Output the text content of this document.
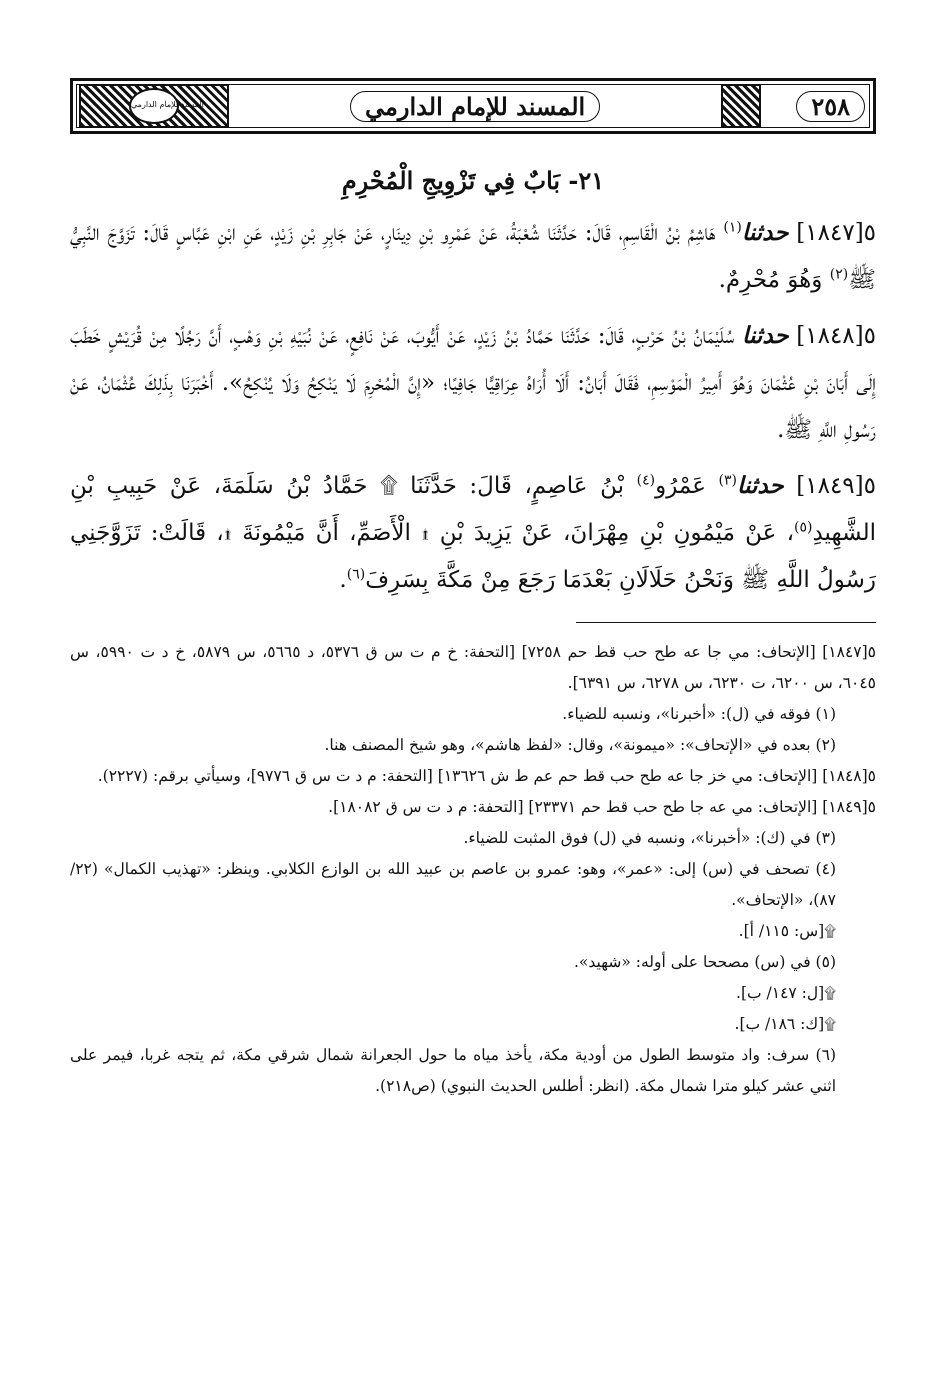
المسند للإمام الدارمي	المسند للإمام الدارمي	٢٥٨
٢١- بَابٌ فِي تَزْوِيجِ الْمُحْرِمِ

٥[١٨٤٧] حدثنا$^{(١)}$ هَاشِمُ بْنُ الْقَاسِمِ، قَالَ: حَدَّثَنَا شُعْبَةُ، عَنْ عَمْرِو بْنِ دِينَارٍ، عَنْ جَابِرِ بْنِ زَيْدٍ، عَنِ ابْنِ عَبَّاسٍ قَالَ: تَزَوَّجَ النَّبِيُّ ﷺ$^{(٢)}$ وَهُوَ مُحْرِمٌ.

٥[١٨٤٨] حدثنا سُلَيْمَانُ بْنُ حَرْبٍ، قَالَ: حَدَّثَنَا حَمَّادُ بْنُ زَيْدٍ، عَنْ أَيُّوبَ، عَنْ نَافِعٍ، عَنْ نُبَيْهِ بْنِ وَهْبٍ، أَنَّ رَجُلًا مِنْ قُرَيْشٍ خَطَبَ إِلَى أَبَانَ بْنِ عُثْمَانَ وَهُوَ أَمِيرُ الْمَوْسِمِ، فَقَالَ أَبَانُ: أَلَا أُرَاهُ عِرَاقِيًّا جَافِيًا؛ «إِنَّ الْمُحْرِمَ لَا يَنْكِحُ وَلَا يُنْكِحُ». أَخْبَرَنَا بِذَلِكَ عُثْمَانُ، عَنْ رَسُولِ اللَّهِ ﷺ.

٥[١٨٤٩] حدثنا$^{(٣)}$ عَمْرُو$^{(٤)}$ بْنُ عَاصِمٍ، قَالَ: حَدَّثَنَا ۩ حَمَّادُ بْنُ سَلَمَةَ، عَنْ حَبِيبِ بْنِ الشَّهِيدِ$^{(٥)}$، عَنْ مَيْمُونِ بْنِ مِهْرَانَ، عَنْ يَزِيدَ بْنِ ۩ الْأَصَمِّ، أَنَّ مَيْمُونَةَ ۩، قَالَتْ: تَزَوَّجَنِي رَسُولُ اللَّهِ ﷺ وَنَحْنُ حَلَالَانِ بَعْدَمَا رَجَعَ مِنْ مَكَّةَ بِسَرِفَ$^{(٦)}$.

٥[١٨٤٧] [الإتحاف: مي جا عه طح حب قط حم ٧٢٥٨] [التحفة: خ م ت س ق ٥٣٧٦، د ٥٦٦٥، س ٥٨٧٩، خ د ت ٥٩٩٠، س ٦٠٤٥، س ٦٢٠٠، ت ٦٢٣٠، س ٦٢٧٨، س ٦٣٩١].

(١) فوقه في (ل): «أخبرنا»، ونسبه للضياء.

(٢) بعده في «الإتحاف»: «ميمونة»، وقال: «لفظ هاشم»، وهو شيخ المصنف هنا.

٥[١٨٤٨] [الإتحاف: مي خز جا عه طح حب قط حم عم ط ش ١٣٦٢٦] [التحفة: م د ت س ق ٩٧٧٦]، وسيأتي برقم: (٢٢٢٧).

٥[١٨٤٩] [الإتحاف: مي عه جا طح حب قط حم ٢٣٣٧١] [التحفة: م د ت س ق ١٨٠٨٢].

(٣) في (ك): «أخبرنا»، ونسبه في (ل) فوق المثبت للضياء.

(٤) تصحف في (س) إلى: «عمر»، وهو: عمرو بن عاصم بن عبيد الله بن الوازع الكلابي. وينظر: «تهذيب الكمال» (٢٢/ ٨٧)، «الإتحاف».

۩[س: ١١٥/ أ].

(٥) في (س) مصححا على أوله: «شهيد».

۩[ل: ١٤٧/ ب].

۩[ك: ١٨٦/ ب].

(٦) سرف: واد متوسط الطول من أودية مكة، يأخذ مياه ما حول الجعرانة شمال شرقي مكة، ثم يتجه غربا، فيمر على اثني عشر كيلو مترا شمال مكة. (انظر: أطلس الحديث النبوي) (ص٢١٨).
